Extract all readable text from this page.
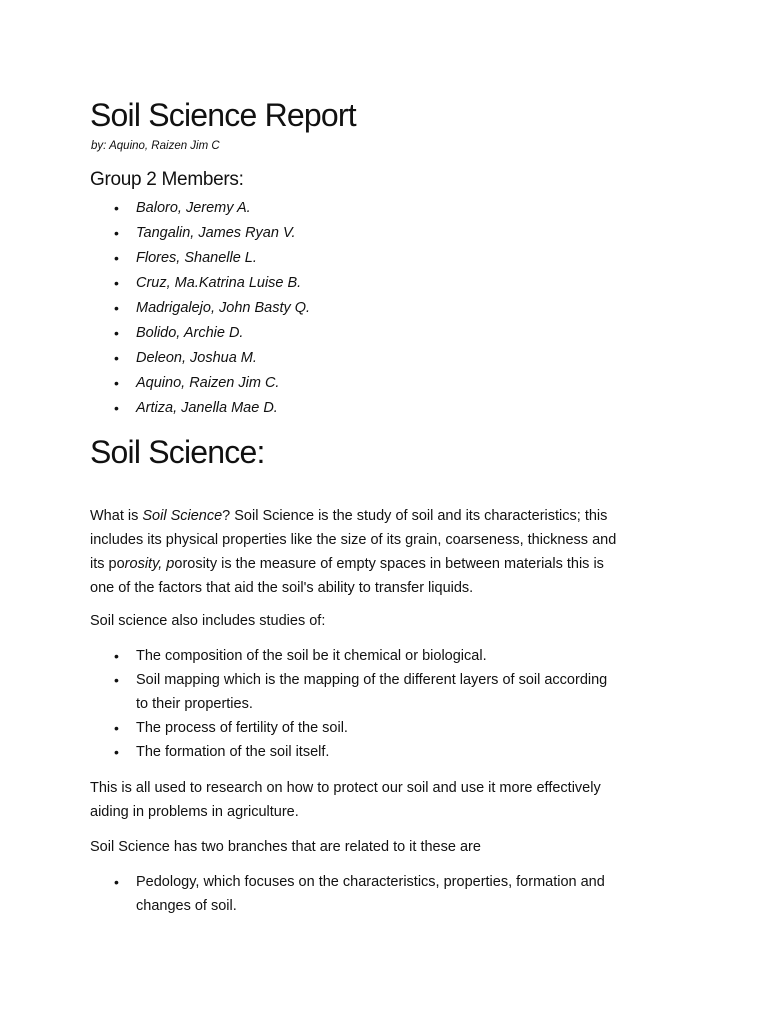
Soil Science Report
by: Aquino, Raizen Jim C
Group 2 Members:
• Baloro, Jeremy A.
• Tangalin, James Ryan V.
• Flores, Shanelle L.
• Cruz, Ma.Katrina Luise B.
• Madrigalejo, John Basty Q.
• Bolido, Archie D.
• Deleon, Joshua M.
• Aquino, Raizen Jim C.
• Artiza, Janella Mae D.
Soil Science:

What is Soil Science? Soil Science is the study of soil and its characteristics; this
includes its physical properties like the size of its grain, coarseness, thickness and
its porosity, porosity is the measure of empty spaces in between materials this is
one of the factors that aid the soil's ability to transfer liquids.

Soil science also includes studies of:

• The composition of the soil be it chemical or biological.
• Soil mapping which is the mapping of the different layers of soil according
to their properties.
• The process of fertility of the soil.
• The formation of the soil itself.

This is all used to research on how to protect our soil and use it more effectively
aiding in problems in agriculture.

Soil Science has two branches that are related to it these are

• Pedology, which focuses on the characteristics, properties, formation and
changes of soil.
